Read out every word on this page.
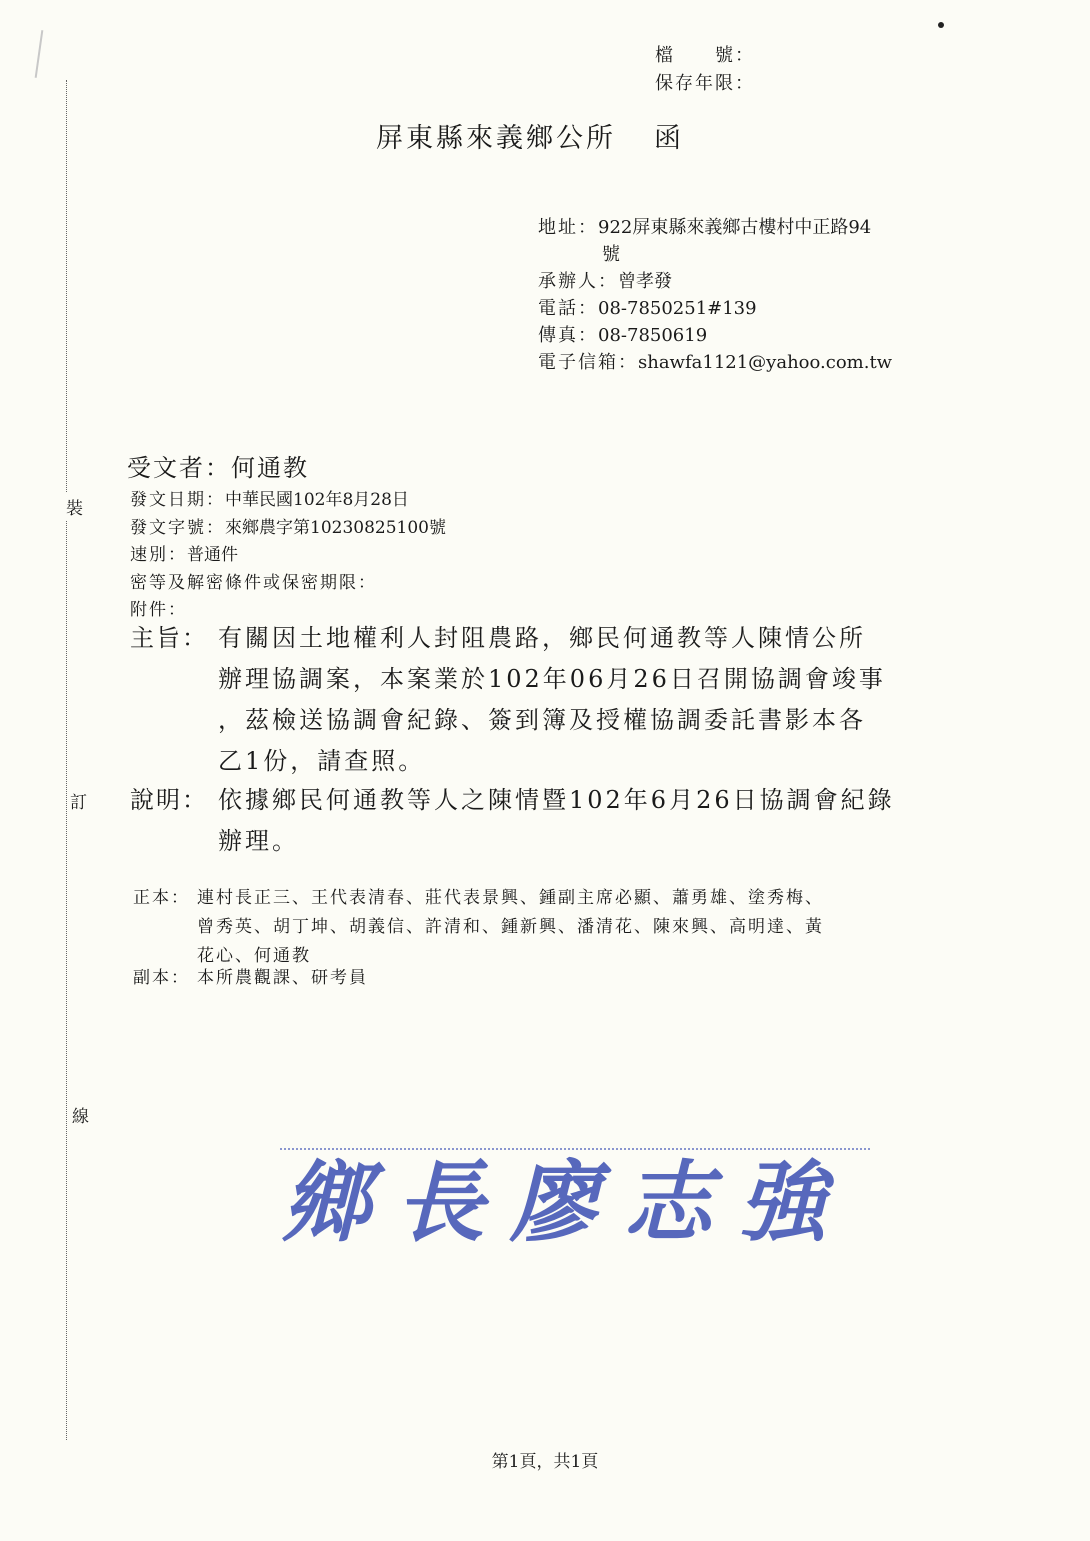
裝
訂
線
檔　　號：
保存年限：
屏東縣來義鄉公所 函
地址：922屏東縣來義鄉古樓村中正路94
號
承辦人：曾孝發
電話：08-7850251#139
傳真：08-7850619
電子信箱：shawfa1121@yahoo.com.tw
受文者：何通教
發文日期：中華民國102年8月28日
發文字號：來鄉農字第10230825100號
速別：普通件
密等及解密條件或保密期限：
附件：
主旨： 有關因土地權利人封阻農路，鄉民何通教等人陳情公所
辦理協調案，本案業於102年06月26日召開協調會竣事
，茲檢送協調會紀錄、簽到簿及授權協調委託書影本各
乙1份，請查照。
說明： 依據鄉民何通教等人之陳情暨102年6月26日協調會紀錄
辦理。
正本： 連村長正三、王代表清春、莊代表景興、鍾副主席必顯、蕭勇雄、塗秀梅、
曾秀英、胡丁坤、胡義信、許清和、鍾新興、潘清花、陳來興、高明達、黃
花心、何通教
副本： 本所農觀課、研考員
鄉長廖志強
第1頁，共1頁
